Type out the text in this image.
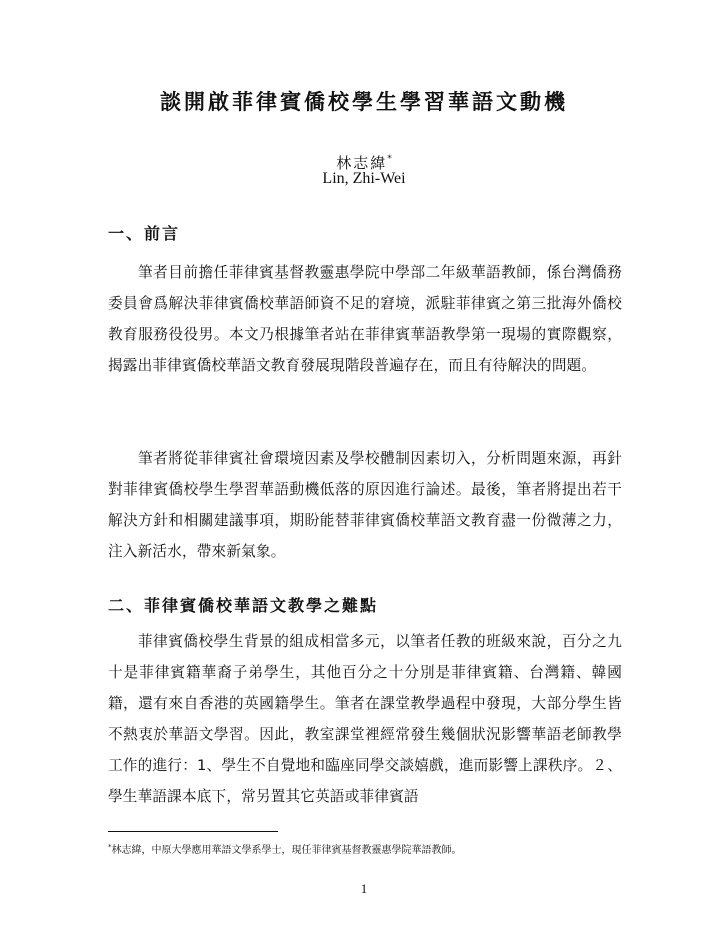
談開啟菲律賓僑校學生學習華語文動機
林志緯*
Lin, Zhi-Wei
一、前言

筆者目前擔任菲律賓基督教靈惠學院中學部二年級華語教師，係台灣僑務委員會爲解決菲律賓僑校華語師資不足的窘境，派駐菲律賓之第三批海外僑校教育服務役役男。本文乃根據筆者站在菲律賓華語教學第一現場的實際觀察，揭露出菲律賓僑校華語文教育發展現階段普遍存在，而且有待解決的問題。

筆者將從菲律賓社會環境因素及學校體制因素切入，分析問題來源，再針對菲律賓僑校學生學習華語動機低落的原因進行論述。最後，筆者將提出若干解決方針和相關建議事項，期盼能替菲律賓僑校華語文教育盡一份微薄之力，注入新活水，帶來新氣象。

二、菲律賓僑校華語文教學之難點

菲律賓僑校學生背景的組成相當多元，以筆者任教的班級來說，百分之九十是菲律賓籍華裔子弟學生，其他百分之十分別是菲律賓籍、台灣籍、韓國籍，還有來自香港的英國籍學生。筆者在課堂教學過程中發現，大部分學生皆不熱衷於華語文學習。因此，教室課堂裡經常發生幾個狀況影響華語老師教學工作的進行：1、學生不自覺地和臨座同學交談嬉戲，進而影響上課秩序。２、學生華語課本底下，常另置其它英語或菲律賓語

*林志緯，中原大學應用華語文學系學士，現任菲律賓基督教靈惠學院華語教師。
1
